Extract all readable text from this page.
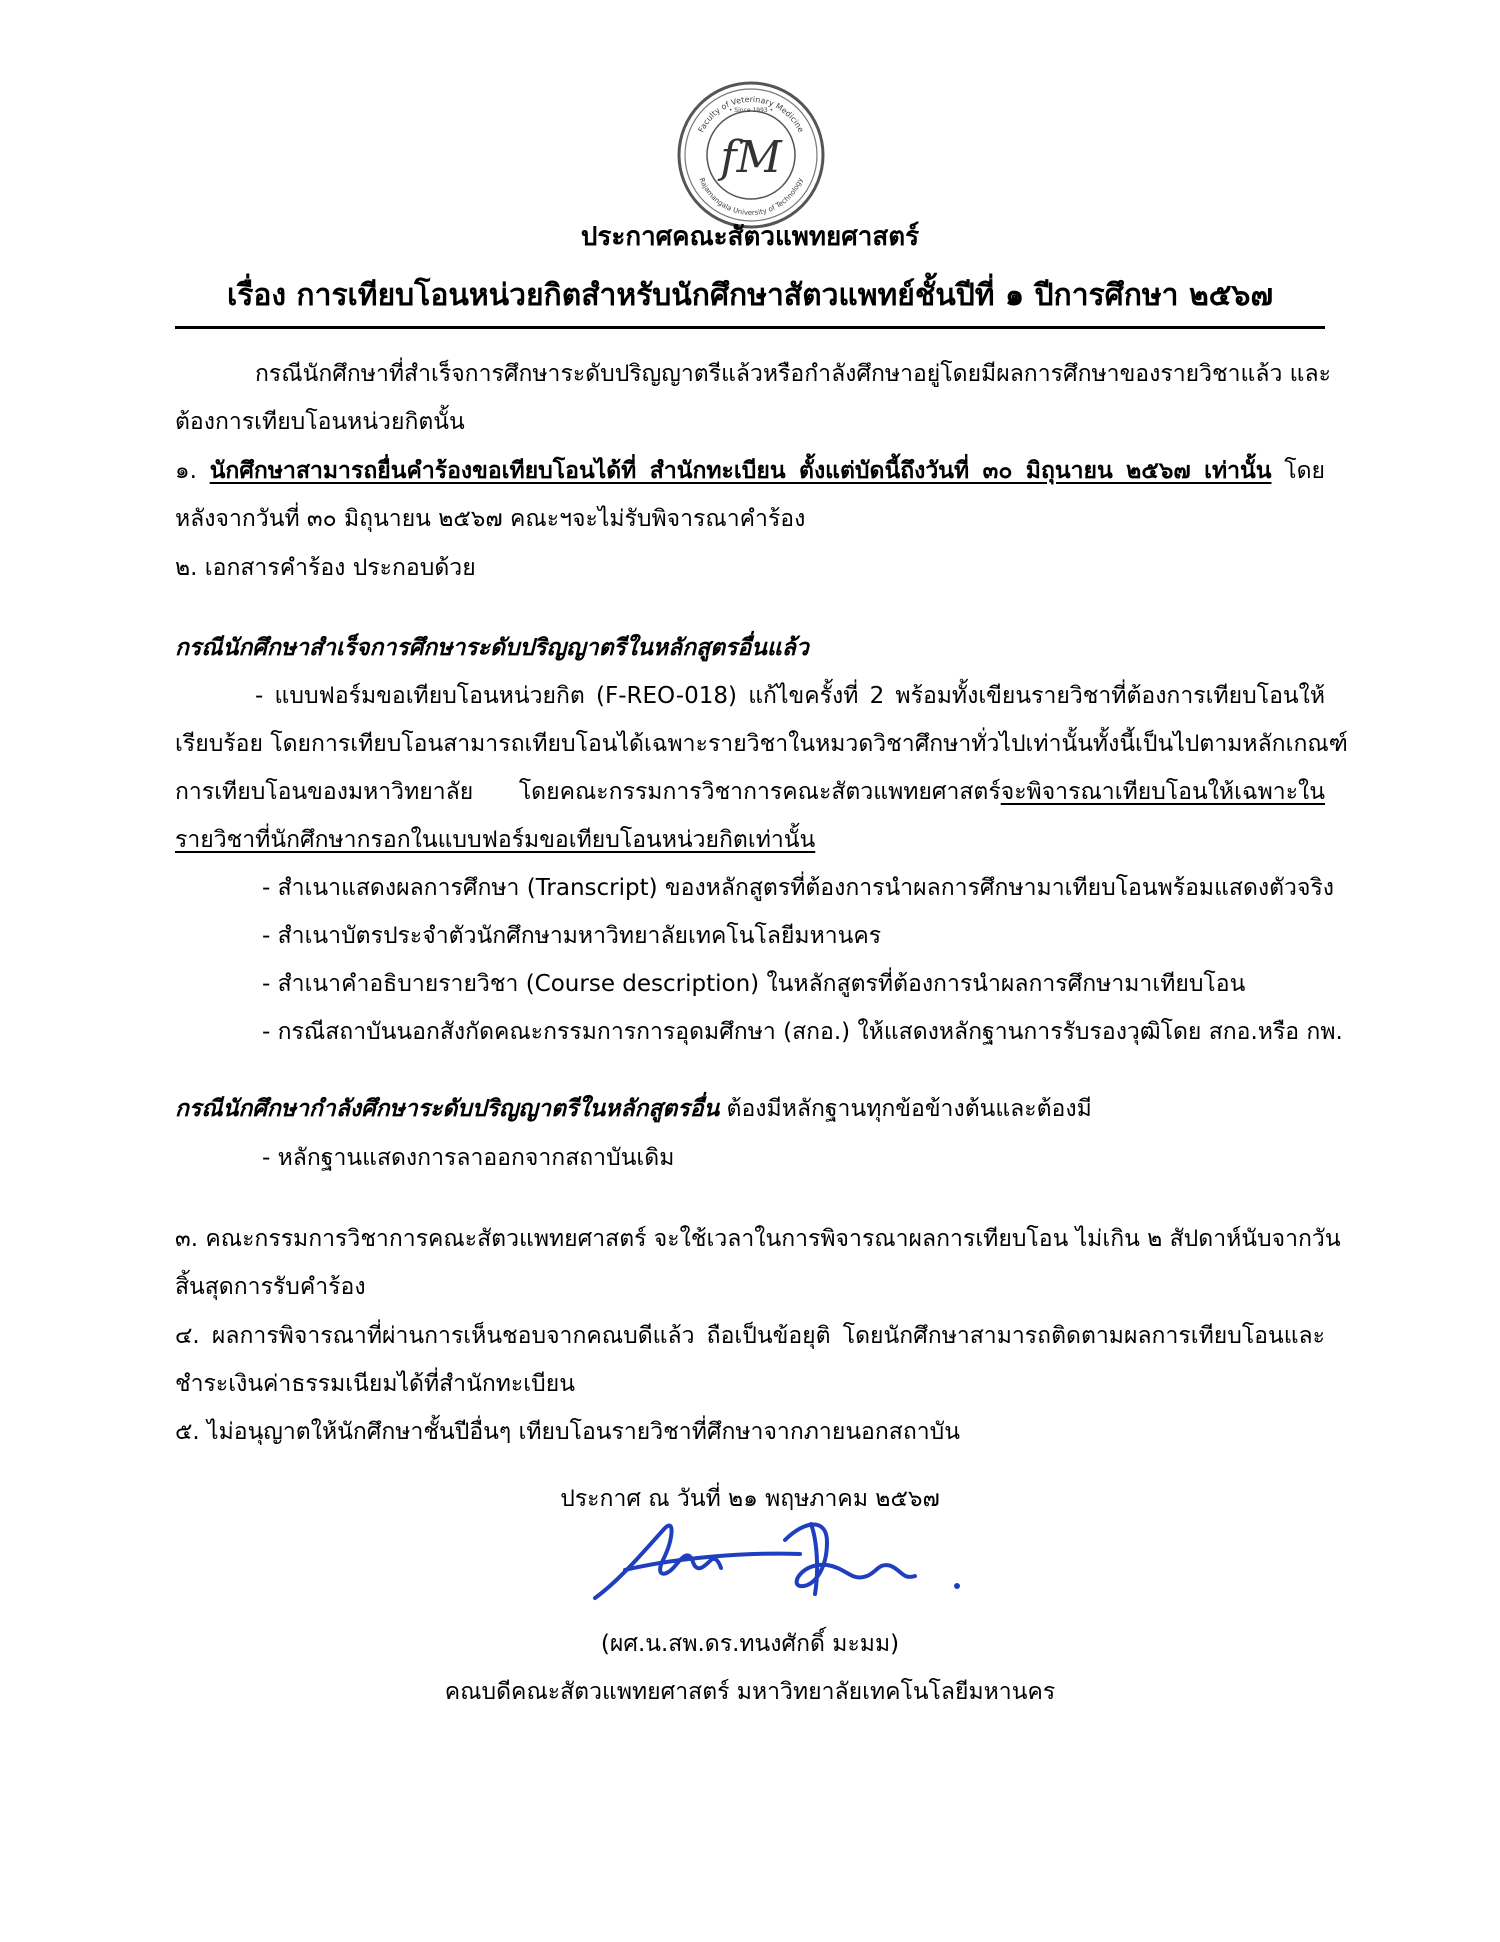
Faculty of Veterinary Medicine
Rajamangala University of Technology
• Since 1993 •
fM
ประกาศคณะสัตวแพทยศาสตร์
เรื่อง การเทียบโอนหน่วยกิตสำหรับนักศึกษาสัตวแพทย์ชั้นปีที่ ๑ ปีการศึกษา ๒๕๖๗
กรณีนักศึกษาที่สำเร็จการศึกษาระดับปริญญาตรีแล้วหรือกำลังศึกษาอยู่โดยมีผลการศึกษาของรายวิชาแล้ว และ
ต้องการเทียบโอนหน่วยกิตนั้น
๑. นักศึกษาสามารถยื่นคำร้องขอเทียบโอนได้ที่ สำนักทะเบียน ตั้งแต่บัดนี้ถึงวันที่ ๓๐ มิถุนายน ๒๕๖๗ เท่านั้น โดย
หลังจากวันที่ ๓๐ มิถุนายน ๒๕๖๗ คณะฯจะไม่รับพิจารณาคำร้อง
๒. เอกสารคำร้อง ประกอบด้วย
กรณีนักศึกษาสำเร็จการศึกษาระดับปริญญาตรีในหลักสูตรอื่นแล้ว
- แบบฟอร์มขอเทียบโอนหน่วยกิต (F-REO-018) แก้ไขครั้งที่ 2 พร้อมทั้งเขียนรายวิชาที่ต้องการเทียบโอนให้
เรียบร้อย โดยการเทียบโอนสามารถเทียบโอนได้เฉพาะรายวิชาในหมวดวิชาศึกษาทั่วไปเท่านั้นทั้งนี้เป็นไปตามหลักเกณฑ์
การเทียบโอนของมหาวิทยาลัย โดยคณะกรรมการวิชาการคณะสัตวแพทยศาสตร์จะพิจารณาเทียบโอนให้เฉพาะใน
รายวิชาที่นักศึกษากรอกในแบบฟอร์มขอเทียบโอนหน่วยกิตเท่านั้น
- สำเนาแสดงผลการศึกษา (Transcript) ของหลักสูตรที่ต้องการนำผลการศึกษามาเทียบโอนพร้อมแสดงตัวจริง
- สำเนาบัตรประจำตัวนักศึกษามหาวิทยาลัยเทคโนโลยีมหานคร
- สำเนาคำอธิบายรายวิชา (Course description) ในหลักสูตรที่ต้องการนำผลการศึกษามาเทียบโอน
- กรณีสถาบันนอกสังกัดคณะกรรมการการอุดมศึกษา (สกอ.) ให้แสดงหลักฐานการรับรองวุฒิโดย สกอ.หรือ กพ.
กรณีนักศึกษากำลังศึกษาระดับปริญญาตรีในหลักสูตรอื่น ต้องมีหลักฐานทุกข้อข้างต้นและต้องมี
- หลักฐานแสดงการลาออกจากสถาบันเดิม
๓. คณะกรรมการวิชาการคณะสัตวแพทยศาสตร์ จะใช้เวลาในการพิจารณาผลการเทียบโอน ไม่เกิน ๒ สัปดาห์นับจากวัน
สิ้นสุดการรับคำร้อง
๔. ผลการพิจารณาที่ผ่านการเห็นชอบจากคณบดีแล้ว ถือเป็นข้อยุติ โดยนักศึกษาสามารถติดตามผลการเทียบโอนและ
ชำระเงินค่าธรรมเนียมได้ที่สำนักทะเบียน
๕. ไม่อนุญาตให้นักศึกษาชั้นปีอื่นๆ เทียบโอนรายวิชาที่ศึกษาจากภายนอกสถาบัน
ประกาศ ณ วันที่ ๒๑ พฤษภาคม ๒๕๖๗
(ผศ.น.สพ.ดร.ทนงศักดิ์ มะมม)
คณบดีคณะสัตวแพทยศาสตร์ มหาวิทยาลัยเทคโนโลยีมหานคร
